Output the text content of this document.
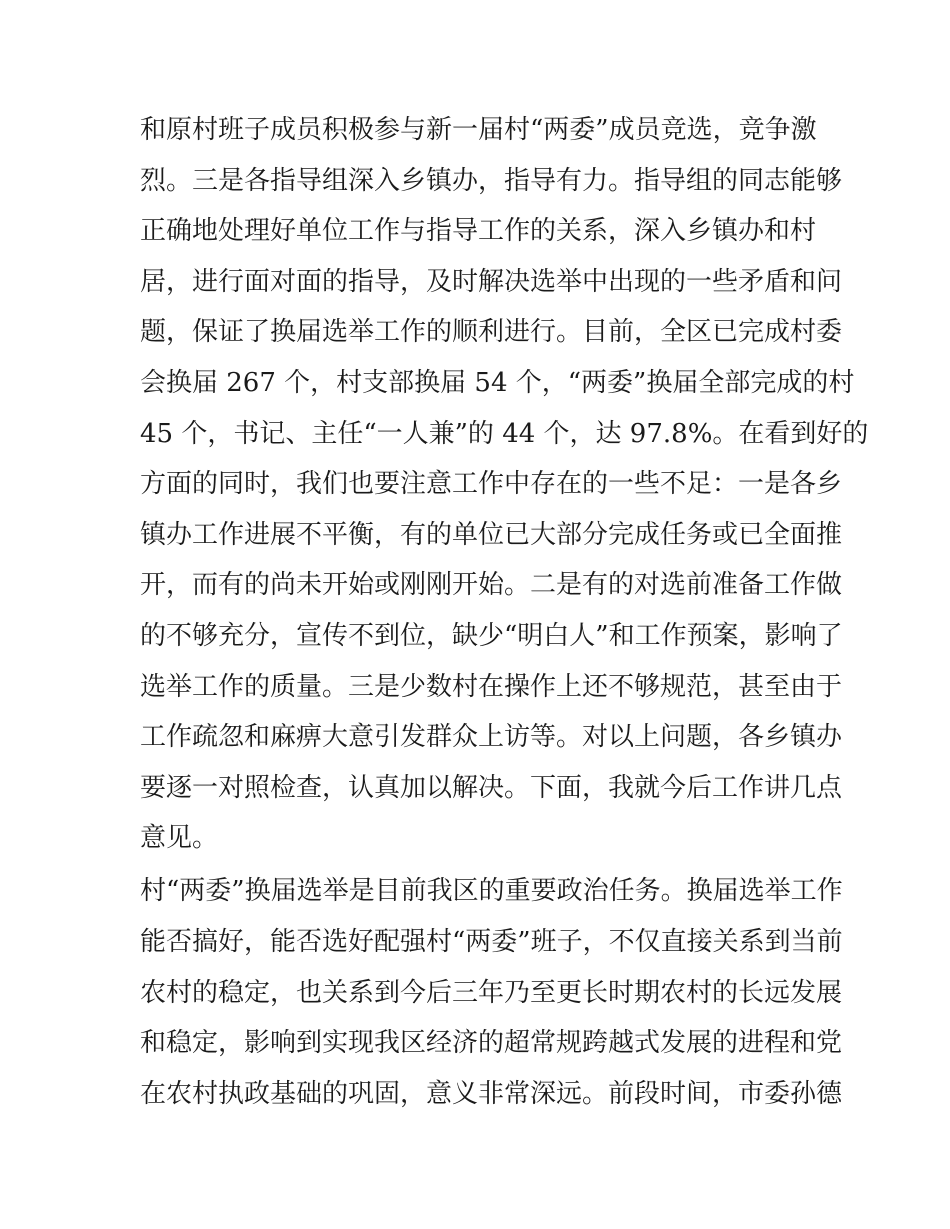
和原村班子成员积极参与新一届村“两委”成员竞选，竞争激
烈。三是各指导组深入乡镇办，指导有力。指导组的同志能够
正确地处理好单位工作与指导工作的关系，深入乡镇办和村
居，进行面对面的指导，及时解决选举中出现的一些矛盾和问
题，保证了换届选举工作的顺利进行。目前，全区已完成村委
会换届 267 个，村支部换届 54 个，“两委”换届全部完成的村
45 个，书记、主任“一人兼”的 44 个，达 97.8%。在看到好的
方面的同时，我们也要注意工作中存在的一些不足：一是各乡
镇办工作进展不平衡，有的单位已大部分完成任务或已全面推
开，而有的尚未开始或刚刚开始。二是有的对选前准备工作做
的不够充分，宣传不到位，缺少“明白人”和工作预案，影响了
选举工作的质量。三是少数村在操作上还不够规范，甚至由于
工作疏忽和麻痹大意引发群众上访等。对以上问题，各乡镇办
要逐一对照检查，认真加以解决。下面，我就今后工作讲几点
意见。
村“两委”换届选举是目前我区的重要政治任务。换届选举工作
能否搞好，能否选好配强村“两委”班子，不仅直接关系到当前
农村的稳定，也关系到今后三年乃至更长时期农村的长远发展
和稳定，影响到实现我区经济的超常规跨越式发展的进程和党
在农村执政基础的巩固，意义非常深远。前段时间，市委孙德
